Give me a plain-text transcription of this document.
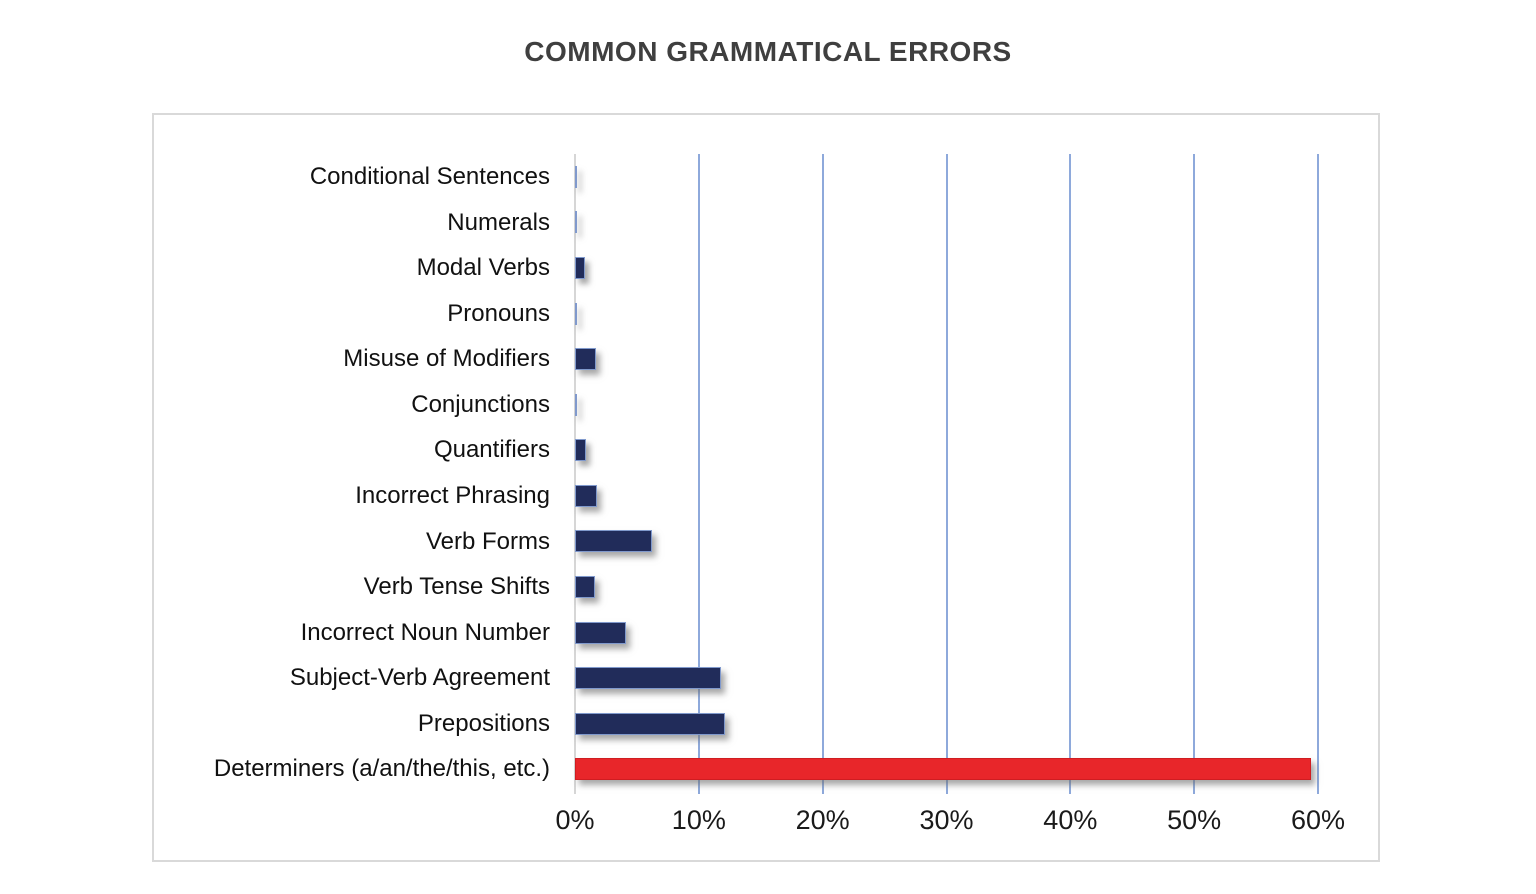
COMMON GRAMMATICAL ERRORS
Conditional Sentences
Numerals
Modal Verbs
Pronouns
Misuse of Modifiers
Conjunctions
Quantifiers
Incorrect Phrasing
Verb Forms
Verb Tense Shifts
Incorrect Noun Number
Subject-Verb Agreement
Prepositions
Determiners (a/an/the/this, etc.)
0%	10%	20%	30%	40%	50%	60%
